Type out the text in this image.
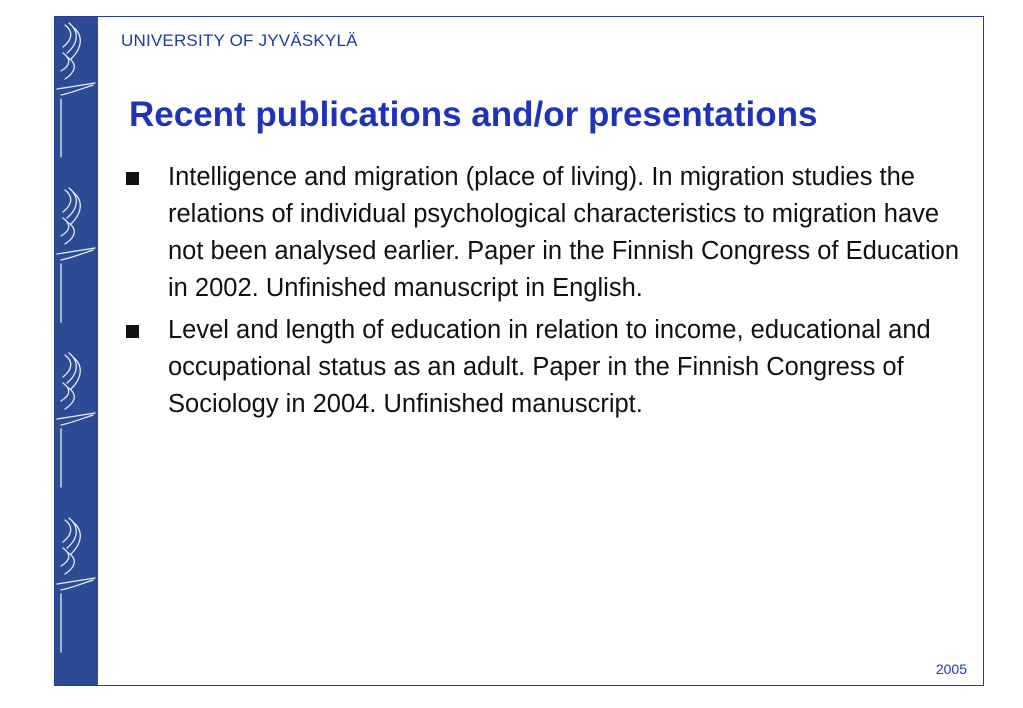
UNIVERSITY OF JYVÄSKYLÄ
Recent publications and/or presentations
Intelligence and migration (place of living). In migration studies the relations of individual psychological characteristics to migration have not been analysed earlier. Paper in the Finnish Congress of Education in 2002. Unfinished manuscript in English.
Level and length of education in relation to income, educational and occupational status as an adult. Paper in the Finnish Congress of Sociology in 2004. Unfinished manuscript.
2005
